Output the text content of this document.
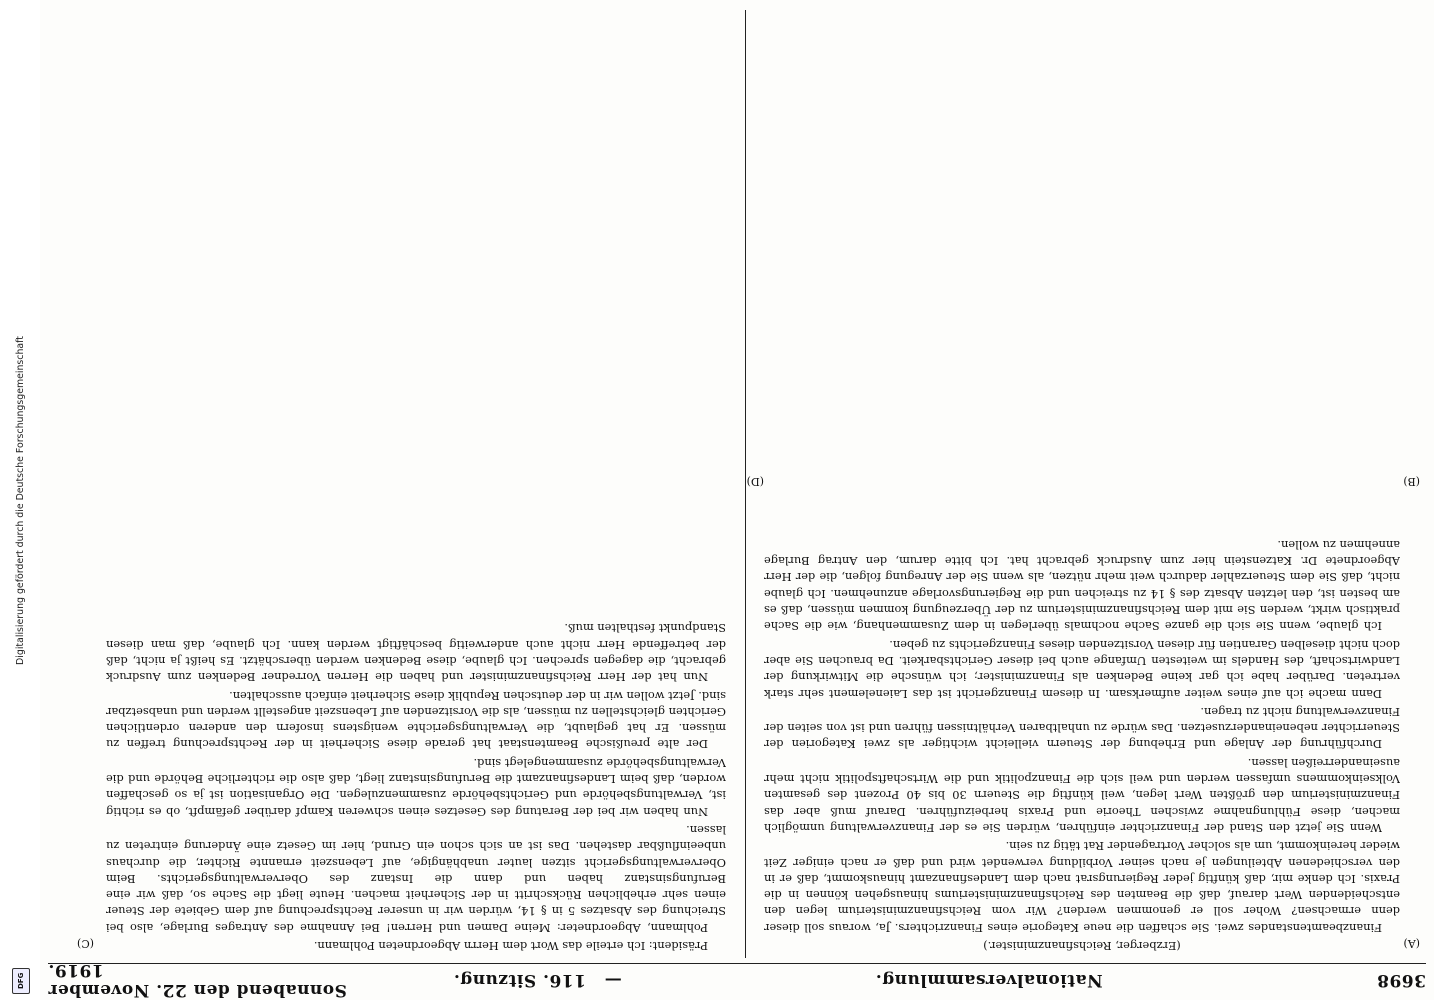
3698
Nationalversammlung.
—
116. Sitzung.
Sonnabend den 22. November 1919.

(Erzberger, Reichsfinanzminister.)

Finanzbeamtenstandes zwei. Sie schaffen die neue Kategorie eines Finanzrichters. Ja, woraus soll dieser denn ermachsen? Woher soll er genommen werden? Wir vom Reichsfinanzministerium legen den entscheidenden Wert darauf, daß die Beamten des Reichsfinanzministeriums hinausgehen können in die Praxis. Ich denke mir, daß künftig jeder Regierungsrat nach dem Landesfinanzamt hinauskommt, daß er in den verschiedenen Abteilungen je nach seiner Vorbildung verwendet wird und daß er nach einiger Zeit wieder hereinkommt, um als solcher Vortragender Rat tätig zu sein.

Wenn Sie jetzt den Stand der Finanzrichter einführen, würden Sie es der Finanzverwaltung unmöglich machen, diese Fühlungnahme zwischen Theorie und Praxis herbeizuführen. Darauf muß aber das Finanzministerium den größten Wert legen, weil künftig die Steuern 30 bis 40 Prozent des gesamten Volkseinkommens umfassen werden und weil sich die Finanzpolitik und die Wirtschaftspolitik nicht mehr auseinanderreißen lassen.

Durchführung der Anlage und Erhebung der Steuern vielleicht wichtiger als zwei Kategorien der Steuerrichter nebeneinanderzusetzen. Das würde zu unhaltbaren Verhältnissen führen und ist von seiten der Finanzverwaltung nicht zu tragen.

Dann mache ich auf eines weiter aufmerksam. In diesem Finanzgericht ist das Laienelement sehr stark vertreten. Darüber habe ich gar keine Bedenken als Finanzminister; ich wünsche die Mitwirkung der Landwirtschaft, des Handels im weitesten Umfange auch bei dieser Gerichtsbarkeit. Da brauchen Sie aber doch nicht dieselben Garantien für diesen Vorsitzenden dieses Finanzgerichts zu geben.

Ich glaube, wenn Sie sich die ganze Sache nochmals überlegen in dem Zusammenhang, wie die Sache praktisch wirkt, werden Sie mit dem Reichsfinanzministerium zu der Überzeugung kommen müssen, daß es am besten ist, den letzten Absatz des § 14 zu streichen und die Regierungsvorlage anzunehmen. Ich glaube nicht, daß Sie dem Steuerzahler dadurch weit mehr nützen, als wenn Sie der Anregung folgen, die der Herr Abgeordnete Dr. Katzenstein hier zum Ausdruck gebracht hat. Ich bitte darum, den Antrag Burlage annehmen zu wollen.

Präsident: Ich erteile das Wort dem Herrn Abgeordneten Pohlmann.

Pohlmann, Abgeordneter: Meine Damen und Herren! Bei Annahme des Antrages Burlage, also bei Streichung des Absatzes 5 in § 14, würden wir in unserer Rechtsprechung auf dem Gebiete der Steuer einen sehr erheblichen Rückschritt in der Sicherheit machen. Heute liegt die Sache so, daß wir eine Berufungsinstanz haben und dann die Instanz des Oberverwaltungsgerichts. Beim Oberverwaltungsgericht sitzen lauter unabhängige, auf Lebenszeit ernannte Richter, die durchaus unbeeinflußbar dastehen. Das ist an sich schon ein Grund, hier im Gesetz eine Änderung eintreten zu lassen.

Nun haben wir bei der Beratung des Gesetzes einen schweren Kampf darüber gefämpft, ob es richtig ist, Verwaltungsbehörde und Gerichtsbehörde zusammenzulegen. Die Organisation ist ja so geschaffen worden, daß beim Landesfinanzamt die Berufungsinstanz liegt, daß also die richterliche Behörde und die Verwaltungsbehörde zusammengelegt sind.

Der alte preußische Beamtenstaat hat gerade diese Sicherheit in der Rechtsprechung treffen zu müssen. Er hat geglaubt, die Verwaltungsgerichte wenigstens insofern den anderen ordentlichen Gerichten gleichstellen zu müssen, als die Vorsitzenden auf Lebenszeit angestellt werden und unabsetzbar sind. Jetzt wollen wir in der deutschen Republik diese Sicherheit einfach ausschalten.

Nun hat der Herr Reichsfinanzminister und haben die Herren Vorredner Bedenken zum Ausdruck gebracht, die dagegen sprechen. Ich glaube, diese Bedenken werden überschätzt. Es heißt ja nicht, daß der betreffende Herr nicht auch anderweitig beschäftigt werden kann. Ich glaube, daß man diesen Standpunkt festhalten muß.

(A)
(B)
(C)
(D)
Digitalisierung gefördert durch die Deutsche Forschungsgemeinschaft
DFG
